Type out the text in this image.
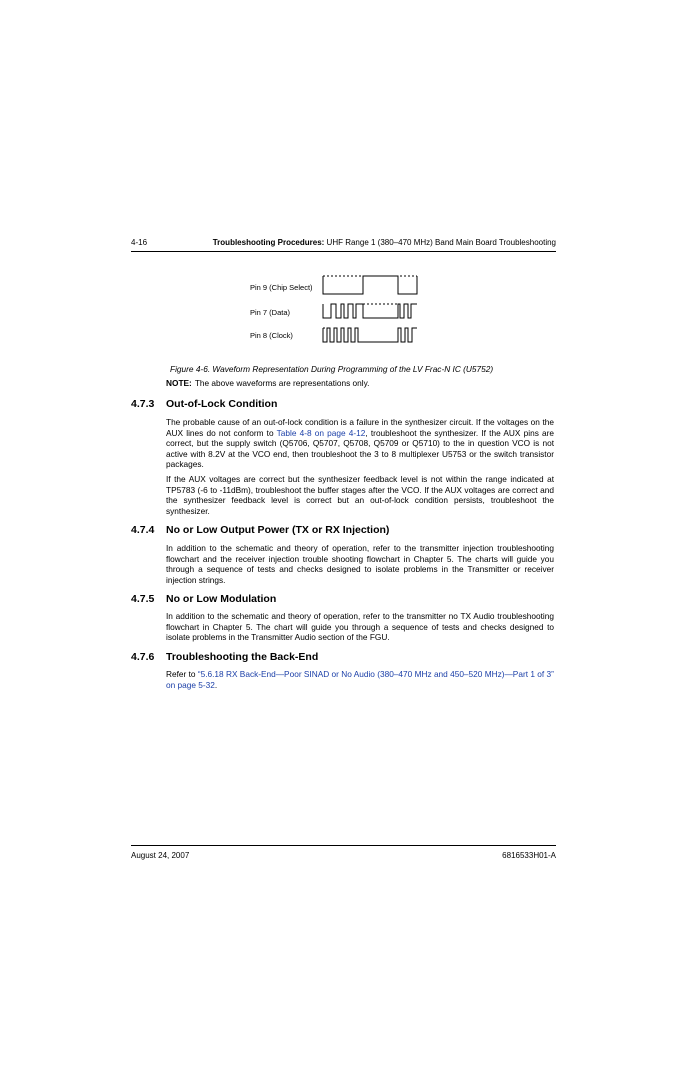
4-16	Troubleshooting Procedures: UHF Range 1 (380–470 MHz) Band Main Board Troubleshooting
Pin 9 (Chip Select)
Pin 7 (Data)
Pin 8 (Clock)
Figure 4-6. Waveform Representation During Programming of the LV Frac-N IC (U5752)
NOTE: The above waveforms are representations only.
4.7.3 Out-of-Lock Condition

The probable cause of an out-of-lock condition is a failure in the synthesizer circuit. If the voltages on the AUX lines do not conform to Table 4-8 on page 4-12, troubleshoot the synthesizer. If the AUX pins are correct, but the supply switch (Q5706, Q5707, Q5708, Q5709 or Q5710) to the in question VCO is not active with 8.2V at the VCO end, then troubleshoot the 3 to 8 multiplexer U5753 or the switch transistor packages.

If the AUX voltages are correct but the synthesizer feedback level is not within the range indicated at TP5783 (-6 to -11dBm), troubleshoot the buffer stages after the VCO. If the AUX voltages are correct and the synthesizer feedback level is correct but an out-of-lock condition persists, troubleshoot the synthesizer.

4.7.4 No or Low Output Power (TX or RX Injection)

In addition to the schematic and theory of operation, refer to the transmitter injection troubleshooting flowchart and the receiver injection trouble shooting flowchart in Chapter 5. The charts will guide you through a sequence of tests and checks designed to isolate problems in the Transmitter or receiver injection strings.

4.7.5 No or Low Modulation

In addition to the schematic and theory of operation, refer to the transmitter no TX Audio troubleshooting flowchart in Chapter 5. The chart will guide you through a sequence of tests and checks designed to isolate problems in the Transmitter Audio section of the FGU.

4.7.6 Troubleshooting the Back-End

Refer to “5.6.18 RX Back-End—Poor SINAD or No Audio (380–470 MHz and 450–520 MHz)—Part 1 of 3” on page 5-32.

August 24, 2007	6816533H01-A
